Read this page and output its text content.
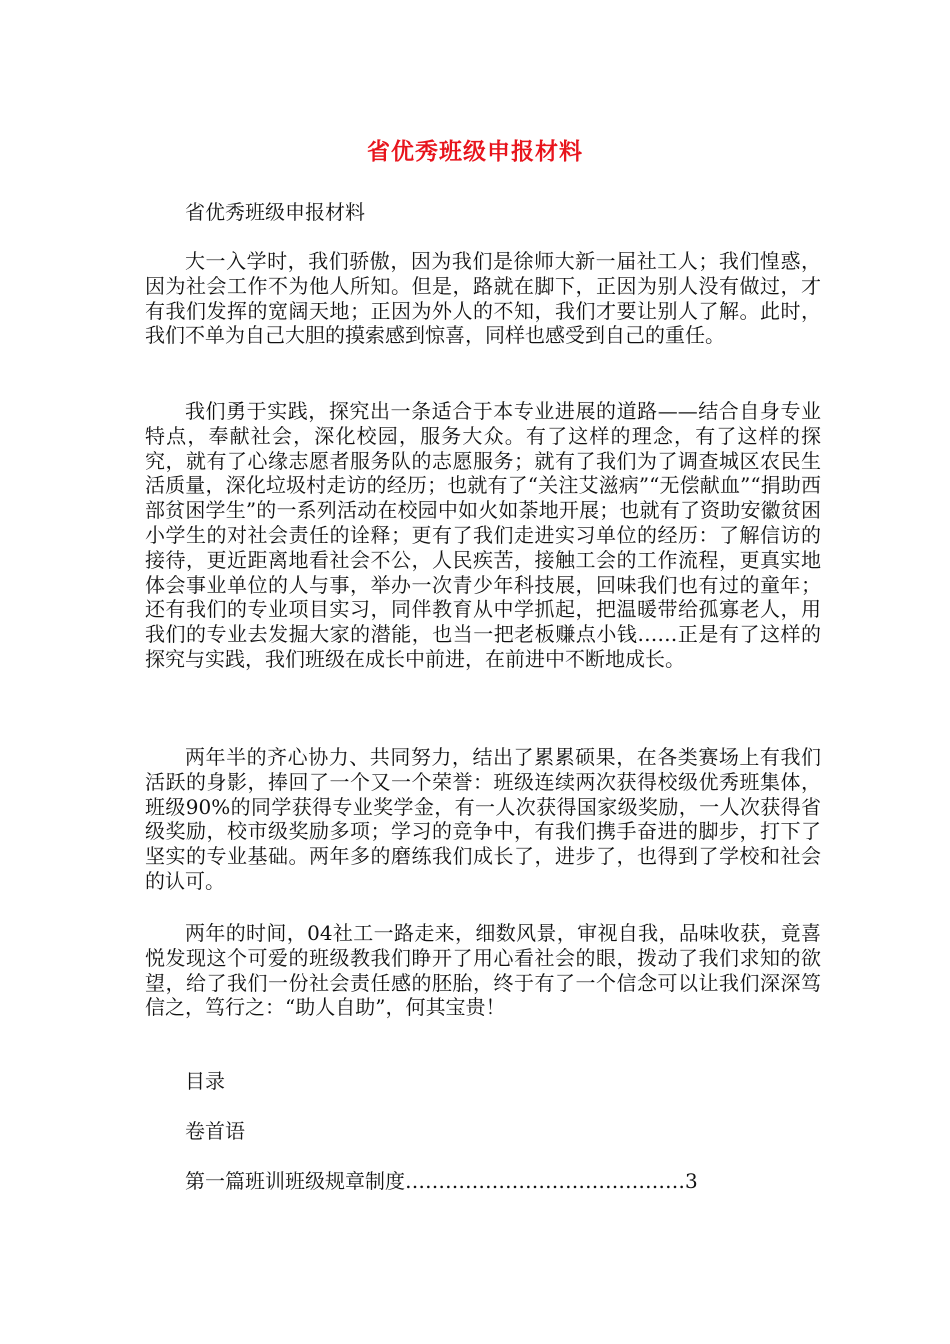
省优秀班级申报材料

省优秀班级申报材料

大一入学时，我们骄傲，因为我们是徐师大新一届社工人；我们惶惑，因为社会工作不为他人所知。但是，路就在脚下，正因为别人没有做过，才有我们发挥的宽阔天地；正因为外人的不知，我们才要让别人了解。此时，我们不单为自己大胆的摸索感到惊喜，同样也感受到自己的重任。

我们勇于实践，探究出一条适合于本专业进展的道路——结合自身专业特点，奉献社会，深化校园，服务大众。有了这样的理念，有了这样的探究，就有了心缘志愿者服务队的志愿服务；就有了我们为了调查城区农民生活质量，深化垃圾村走访的经历；也就有了“关注艾滋病”“无偿献血”“捐助西部贫困学生”的一系列活动在校园中如火如荼地开展；也就有了资助安徽贫困小学生的对社会责任的诠释；更有了我们走进实习单位的经历：了解信访的接待，更近距离地看社会不公，人民疾苦，接触工会的工作流程，更真实地体会事业单位的人与事，举办一次青少年科技展，回味我们也有过的童年；还有我们的专业项目实习，同伴教育从中学抓起，把温暖带给孤寡老人，用我们的专业去发掘大家的潜能，也当一把老板赚点小钱……正是有了这样的探究与实践，我们班级在成长中前进，在前进中不断地成长。

两年半的齐心协力、共同努力，结出了累累硕果，在各类赛场上有我们活跃的身影，捧回了一个又一个荣誉：班级连续两次获得校级优秀班集体，班级90%的同学获得专业奖学金，有一人次获得国家级奖励，一人次获得省级奖励，校市级奖励多项；学习的竞争中，有我们携手奋进的脚步，打下了坚实的专业基础。两年多的磨练我们成长了，进步了，也得到了学校和社会的认可。

两年的时间，04社工一路走来，细数风景，审视自我，品味收获，竟喜悦发现这个可爱的班级教我们睁开了用心看社会的眼，拨动了我们求知的欲望，给了我们一份社会责任感的胚胎，终于有了一个信念可以让我们深深笃信之，笃行之：“助人自助”，何其宝贵！

目录

卷首语

第一篇班训班级规章制度……………………………………3
